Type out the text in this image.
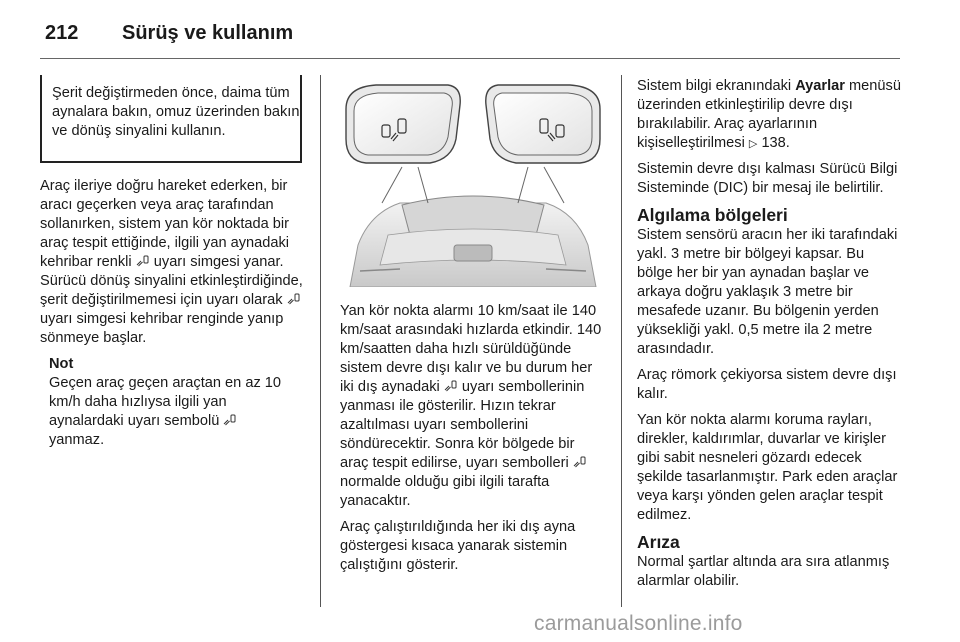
212 Sürüş ve kullanım
Şerit değiştirmeden önce, daima tüm aynalara bakın, omuz üzerinden bakın ve dönüş sinyalini kullanın.

Araç ileriye doğru hareket ederken, bir aracı geçerken veya araç tarafından sollanırken, sistem yan kör noktada bir araç tespit ettiğinde, ilgili yan aynadaki kehribar renkli uyarı simgesi yanar. Sürücü dönüş sinyalini etkinleştirdiğinde, şerit değiştirilmemesi için uyarı olarak  uyarı simgesi kehribar renginde yanıp sönmeye başlar.

Not
Geçen araç geçen araçtan en az 10 km/h daha hızlıysa ilgili yan aynalardaki uyarı sembolü
yanmaz.

Yan kör nokta alarmı 10 km/saat ile 140 km/saat arasındaki hızlarda etkindir. 140 km/saatten daha hızlı sürüldüğünde sistem devre dışı kalır ve bu durum her iki dış aynadaki uyarı sembollerinin yanması ile gösterilir. Hızın tekrar azaltılması uyarı sembollerini söndürecektir. Sonra kör bölgede bir araç tespit edilirse, uyarı sembolleri  normalde olduğu gibi ilgili tarafta yanacaktır.

Araç çalıştırıldığında her iki dış ayna göstergesi kısaca yanarak sistemin çalıştığını gösterir.

Sistem bilgi ekranındaki Ayarlar menüsü üzerinden etkinleştirilip devre dışı bırakılabilir. Araç ayarlarının kişiselleştirilmesi ▷ 138.

Sistemin devre dışı kalması Sürücü Bilgi Sisteminde (DIC) bir mesaj ile belirtilir.

Algılama bölgeleri

Sistem sensörü aracın her iki tarafındaki yakl. 3 metre bir bölgeyi kapsar. Bu bölge her bir yan aynadan başlar ve arkaya doğru yaklaşık 3 metre bir mesafede uzanır. Bu bölgenin yerden yüksekliği yakl. 0,5 metre ila 2 metre arasındadır.

Araç römork çekiyorsa sistem devre dışı kalır.

Yan kör nokta alarmı koruma rayları, direkler, kaldırımlar, duvarlar ve kirişler gibi sabit nesneleri gözardı edecek şekilde tasarlanmıştır. Park eden araçlar veya karşı yönden gelen araçlar tespit edilmez.

Arıza

Normal şartlar altında ara sıra atlanmış alarmlar olabilir.

carmanualsonline.info
